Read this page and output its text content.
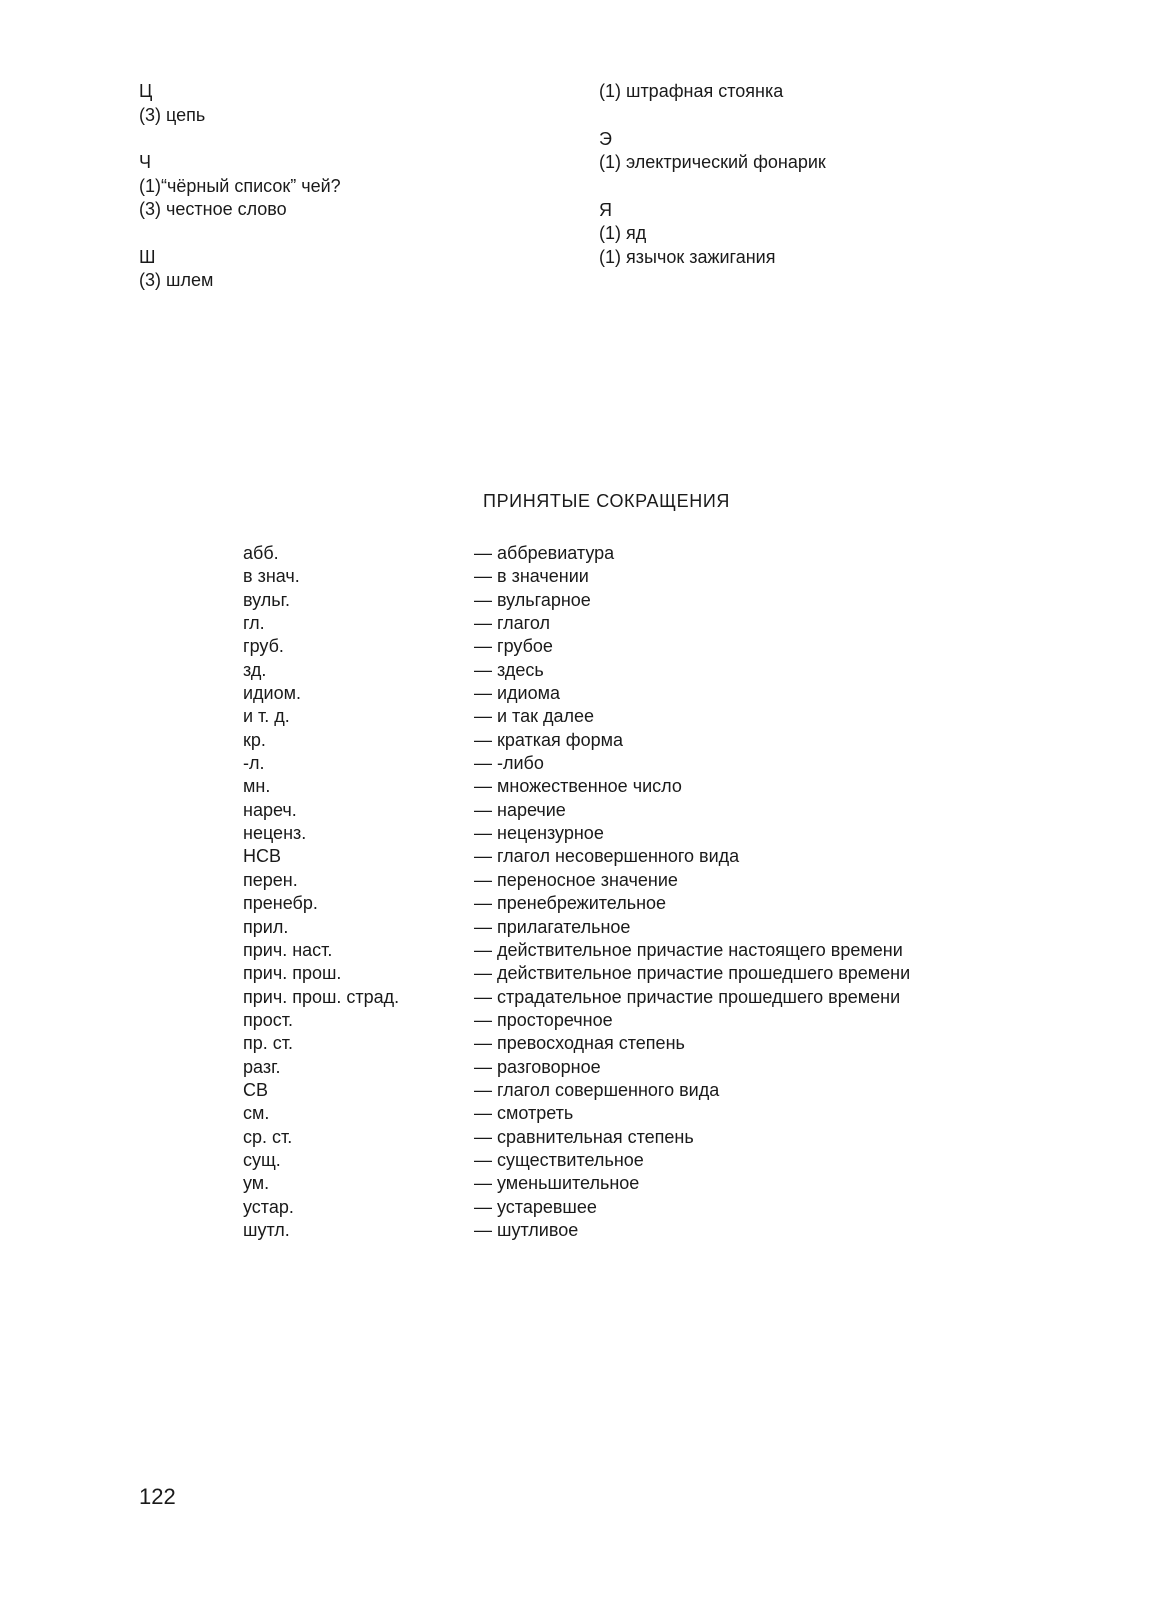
Ц
(3) цепь
Ч
(1)“чёрный список” чей?
(3) честное слово
Ш
(3) шлем
(1) штрафная стоянка
Э
(1) электрический фонарик
Я
(1) яд
(1) язычок зажигания
ПРИНЯТЫЕ СОКРАЩЕНИЯ
абб.	— аббревиатура
в знач.	— в значении
вульг.	— вульгарное
гл.	— глагол
груб.	— грубое
зд.	— здесь
идиом.	— идиома
и т. д.	— и так далее
кр.	— краткая форма
-л.	— -либо
мн.	— множественное число
нареч.	— наречие
неценз.	— нецензурное
НСВ	— глагол несовершенного вида
перен.	— переносное значение
пренебр.	— пренебрежительное
прил.	— прилагательное
прич. наст.	— действительное причастие настоящего времени
прич. прош.	— действительное причастие прошедшего времени
прич. прош. страд.	— страдательное причастие прошедшего времени
прост.	— просторечное
пр. ст.	— превосходная степень
разг.	— разговорное
СВ	— глагол совершенного вида
см.	— смотреть
ср. ст.	— сравнительная степень
сущ.	— существительное
ум.	— уменьшительное
устар.	— устаревшее
шутл.	— шутливое
122
